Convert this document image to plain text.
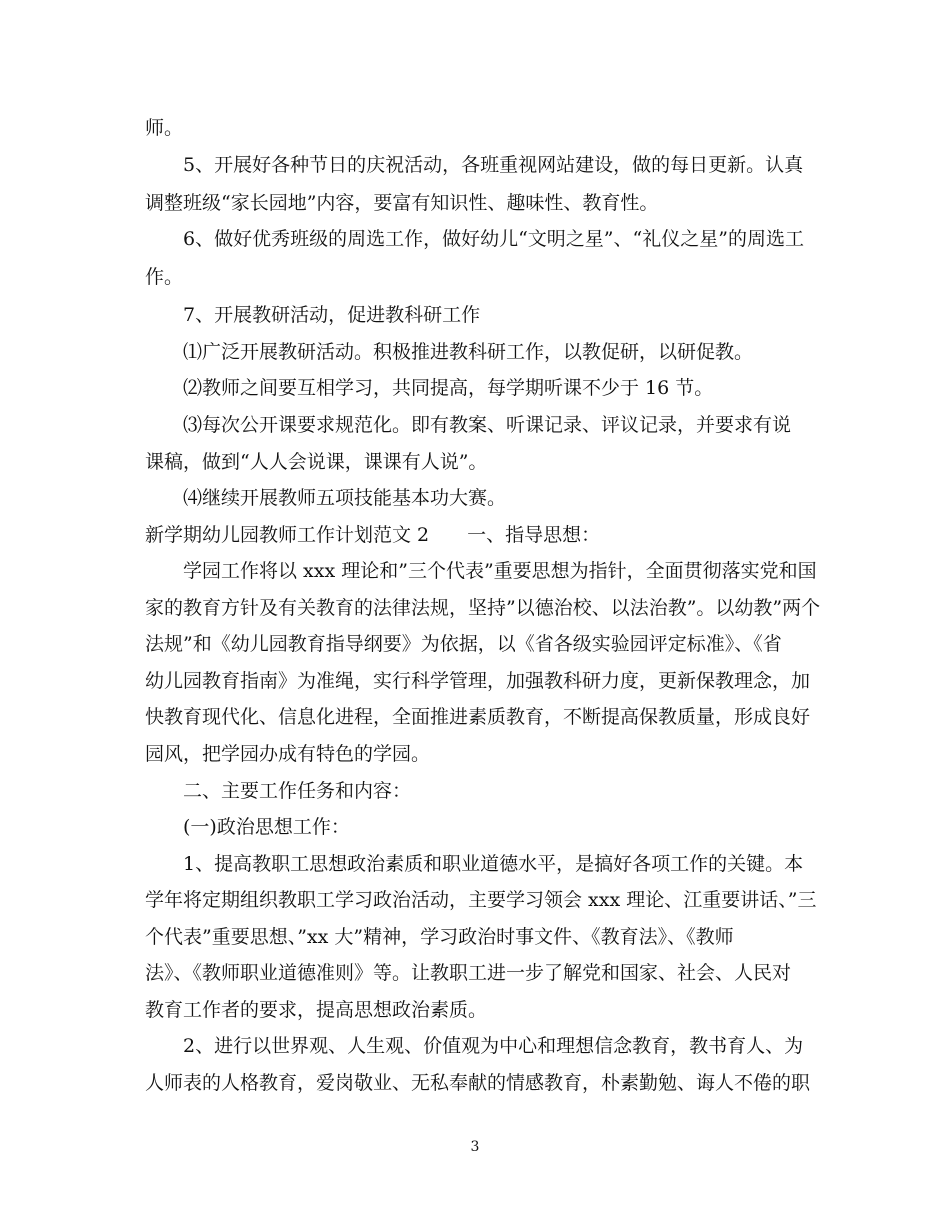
师。
5、开展好各种节日的庆祝活动，各班重视网站建设，做的每日更新。认真
调整班级“家长园地”内容，要富有知识性、趣味性、教育性。
6、做好优秀班级的周选工作，做好幼儿“文明之星”、“礼仪之星”的周选工
作。
7、开展教研活动，促进教科研工作
⑴广泛开展教研活动。积极推进教科研工作，以教促研，以研促教。
⑵教师之间要互相学习，共同提高，每学期听课不少于 16 节。
⑶每次公开课要求规范化。即有教案、听课记录、评议记录，并要求有说
课稿，做到“人人会说课，课课有人说”。
⑷继续开展教师五项技能基本功大赛。
新学期幼儿园教师工作计划范文 2　　一、指导思想：
学园工作将以 xxx 理论和”三个代表”重要思想为指针，全面贯彻落实党和国
家的教育方针及有关教育的法律法规，坚持”以德治校、以法治教”。以幼教”两个
法规”和《幼儿园教育指导纲要》为依据，以《省各级实验园评定标准》、《省
幼儿园教育指南》为准绳，实行科学管理，加强教科研力度，更新保教理念，加
快教育现代化、信息化进程，全面推进素质教育，不断提高保教质量，形成良好
园风，把学园办成有特色的学园。
二、主要工作任务和内容：
(一)政治思想工作：
1、提高教职工思想政治素质和职业道德水平，是搞好各项工作的关键。本
学年将定期组织教职工学习政治活动，主要学习领会 xxx 理论、江重要讲话、”三
个代表”重要思想、”xx 大”精神，学习政治时事文件、《教育法》、《教师
法》、《教师职业道德准则》等。让教职工进一步了解党和国家、社会、人民对
教育工作者的要求，提高思想政治素质。
2、进行以世界观、人生观、价值观为中心和理想信念教育，教书育人、为
人师表的人格教育，爱岗敬业、无私奉献的情感教育，朴素勤勉、诲人不倦的职
3
